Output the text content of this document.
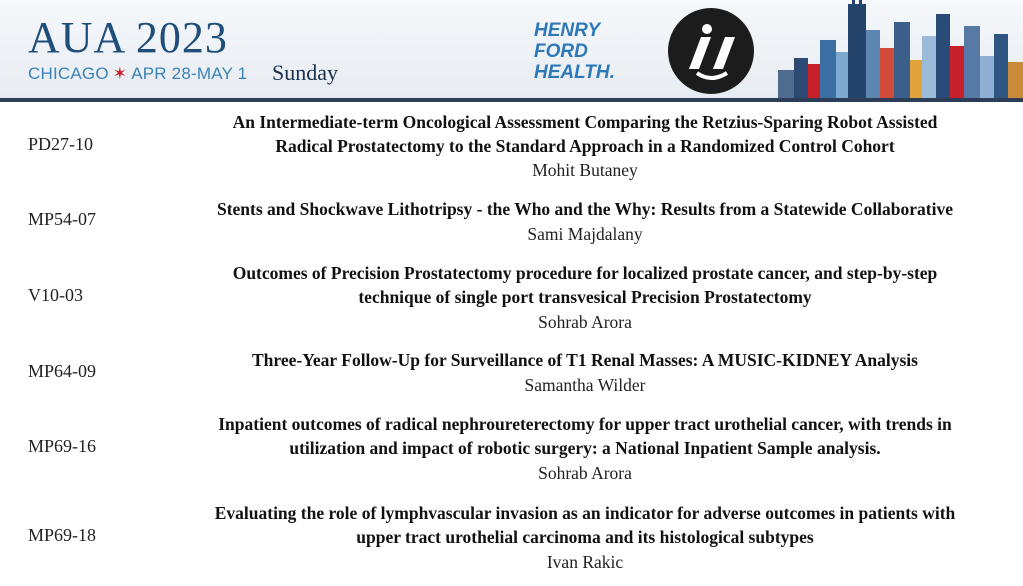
AUA 2023
CHICAGO ✶ APR 28-MAY 1 Sunday
HENRY
FORD
HEALTH.
PD27-10
An Intermediate-term Oncological Assessment Comparing the Retzius-Sparing Robot Assisted
Radical Prostatectomy to the Standard Approach in a Randomized Control Cohort
Mohit Butaney
MP54-07	Stents and Shockwave Lithotripsy - the Who and the Why: Results from a Statewide Collaborative
Sami Majdalany
V10-03
Outcomes of Precision Prostatectomy procedure for localized prostate cancer, and step-by-step
technique of single port transvesical Precision Prostatectomy
Sohrab Arora
MP64-09
Three-Year Follow-Up for Surveillance of T1 Renal Masses: A MUSIC-KIDNEY Analysis
Samantha Wilder
MP69-16
Inpatient outcomes of radical nephroureterectomy for upper tract urothelial cancer, with trends in
utilization and impact of robotic surgery: a National Inpatient Sample analysis.
Sohrab Arora
MP69-18
Evaluating the role of lymphvascular invasion as an indicator for adverse outcomes in patients with
upper tract urothelial carcinoma and its histological subtypes
Ivan Rakic
